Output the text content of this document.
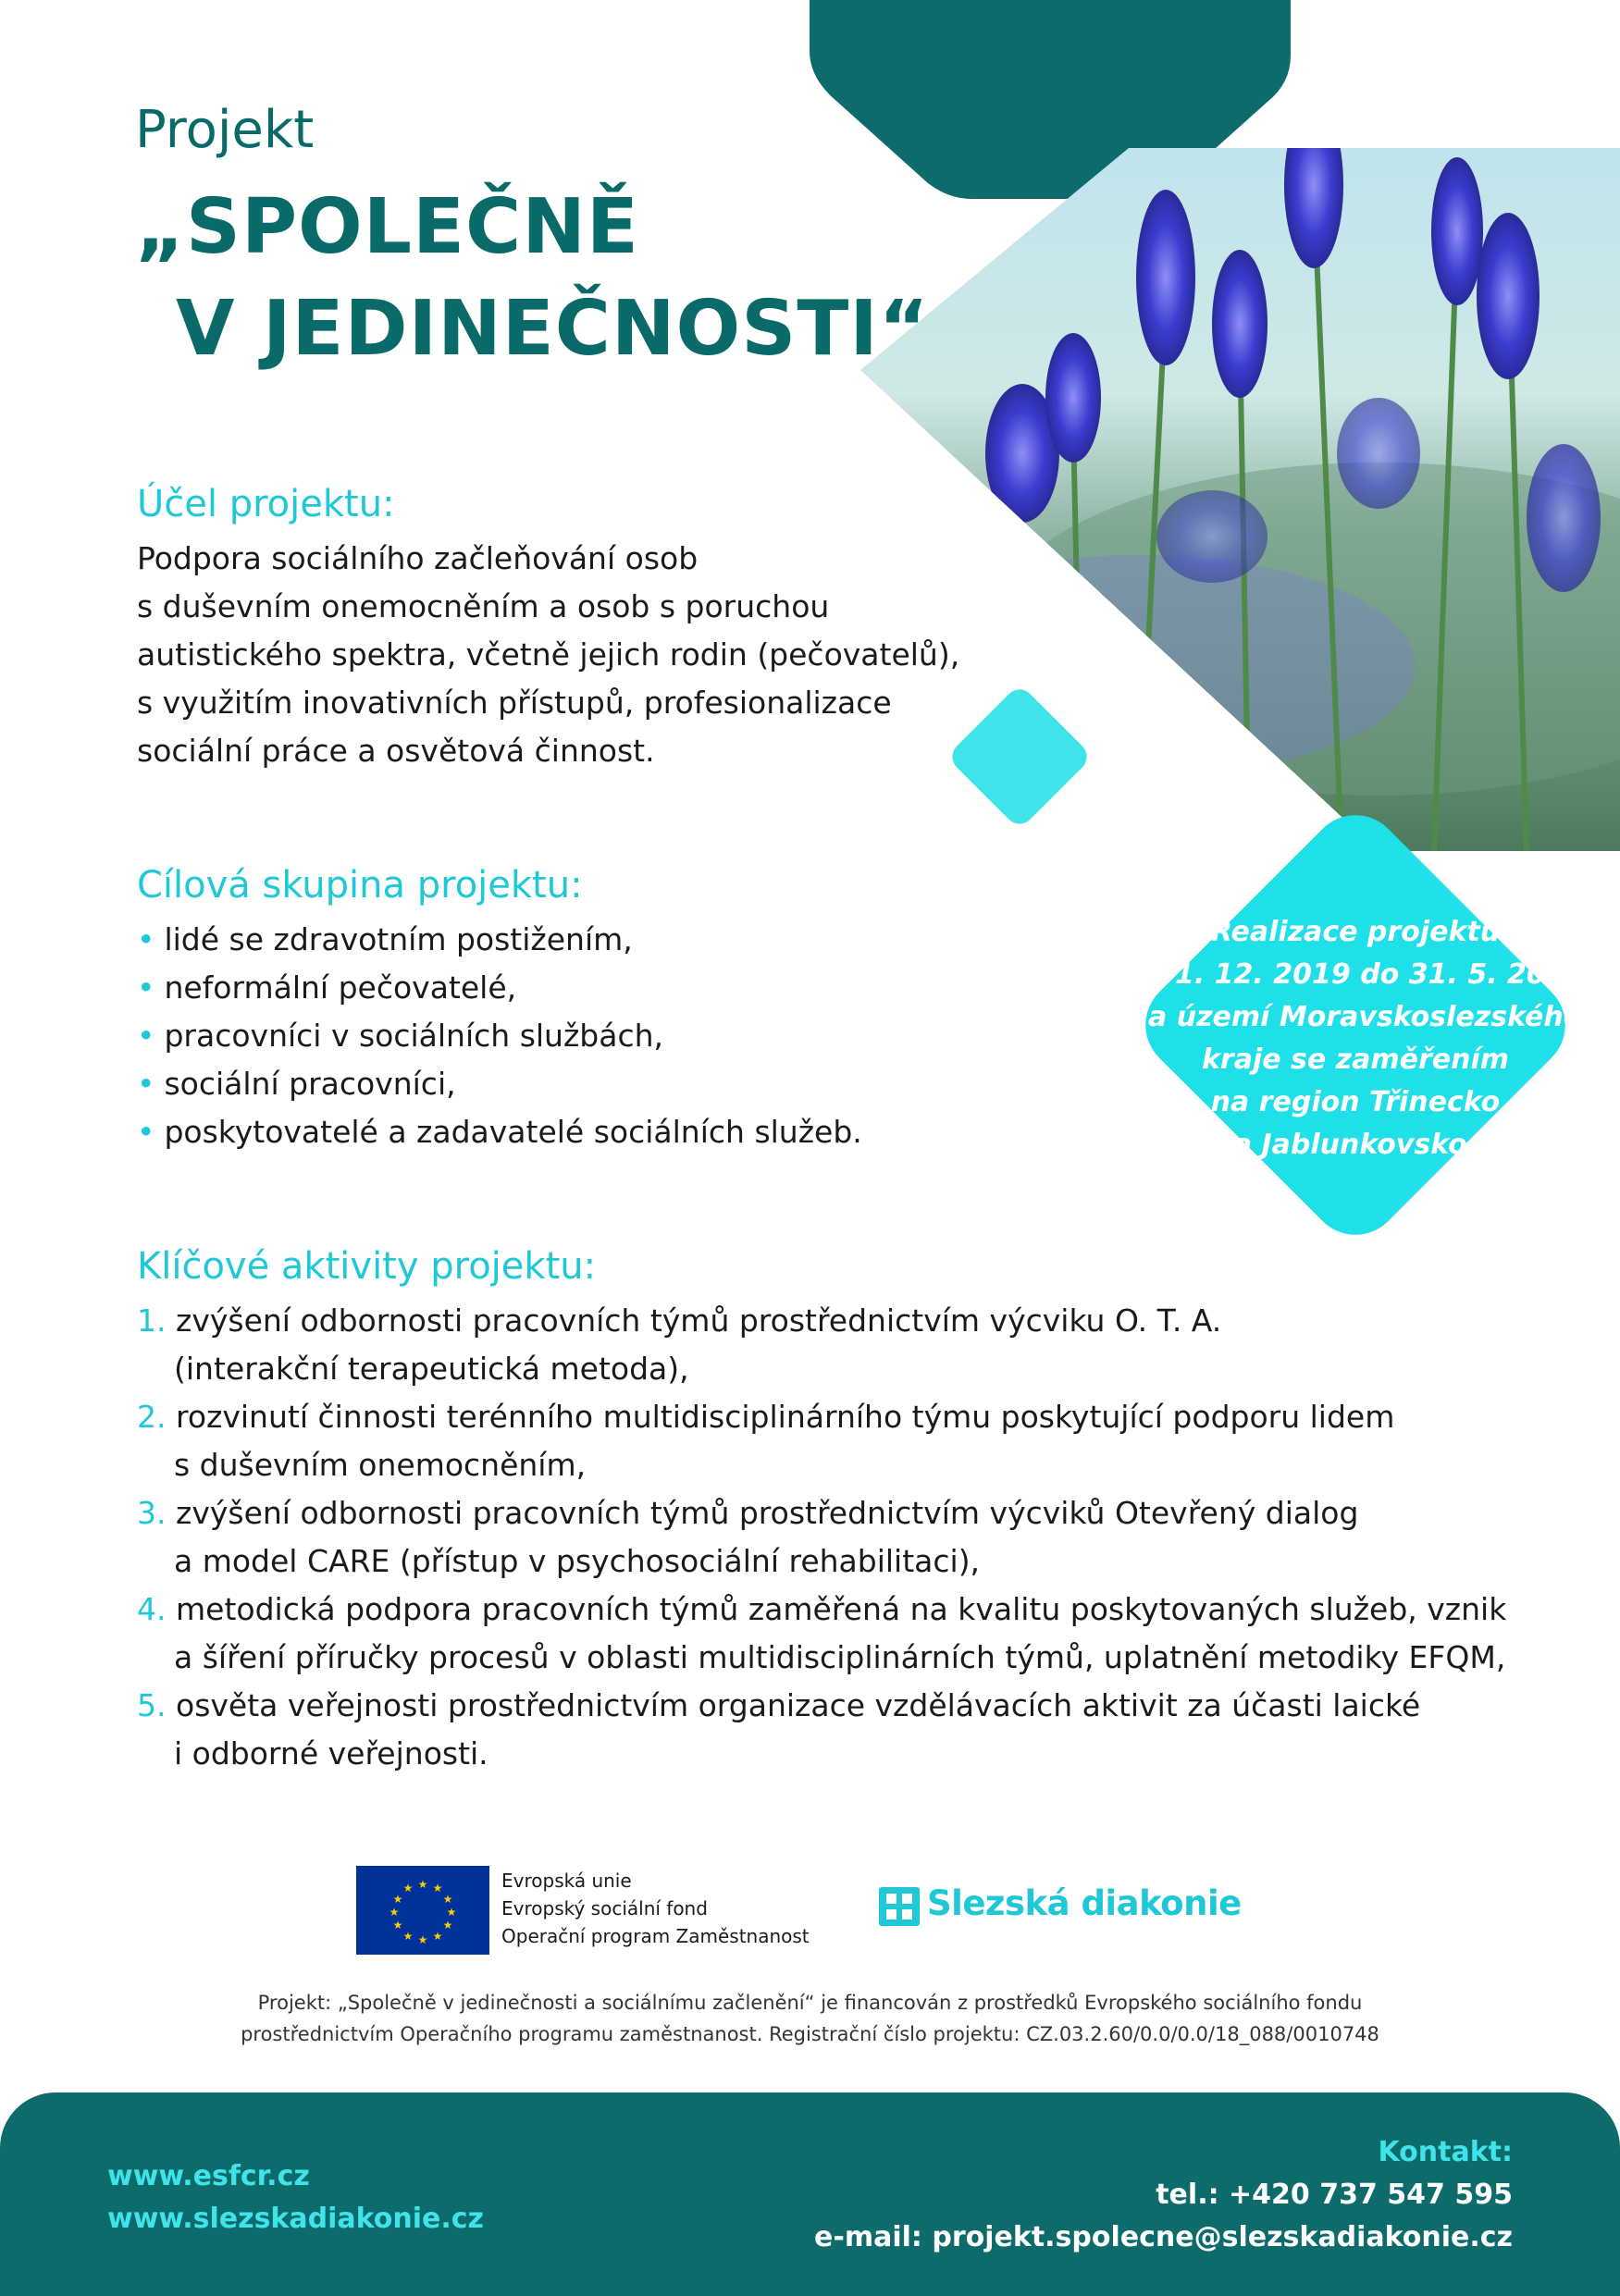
Realizace projektu
od 1. 12. 2019 do 31. 5. 2022
na území Moravskoslezského
kraje se zaměřením
na region Třinecko
a Jablunkovsko.
Projekt
„SPOLEČNĚ
V JEDINEČNOSTI“
Účel projektu:
Podpora sociálního začleňování osob
s duševním onemocněním a osob s poruchou
autistického spektra, včetně jejich rodin (pečovatelů),
s využitím inovativních přístupů, profesionalizace
sociální práce a osvětová činnost.
Cílová skupina projektu:
• lidé se zdravotním postižením,
• neformální pečovatelé,
• pracovníci v sociálních službách,
• sociální pracovníci,
• poskytovatelé a zadavatelé sociálních služeb.
Klíčové aktivity projektu:
1. zvýšení odbornosti pracovních týmů prostřednictvím výcviku O. T. A.
(interakční terapeutická metoda),
2. rozvinutí činnosti terénního multidisciplinárního týmu poskytující podporu lidem
s duševním onemocněním,
3. zvýšení odbornosti pracovních týmů prostřednictvím výcviků Otevřený dialog
a model CARE (přístup v psychosociální rehabilitaci),
4. metodická podpora pracovních týmů zaměřená na kvalitu poskytovaných služeb, vznik
a šíření příručky procesů v oblasti multidisciplinárních týmů, uplatnění metodiky EFQM,
5. osvěta veřejnosti prostřednictvím organizace vzdělávacích aktivit za účasti laické
i odborné veřejnosti.
★ ★
★
★
★
★
★
★
★
★
★
★	Evropská unie
Evropský sociální fond
Operační program Zaměstnanost
Slezská diakonie
Projekt: „Společně v jedinečnosti a sociálnímu začlenění“ je financován z prostředků Evropského sociálního fondu
prostřednictvím Operačního programu zaměstnanost. Registrační číslo projektu: CZ.03.2.60/0.0/0.0/18_088/0010748
www.esfcr.cz
www.slezskadiakonie.cz
Kontakt:
tel.: +420 737 547 595
e-mail: projekt.spolecne@slezskadiakonie.cz
